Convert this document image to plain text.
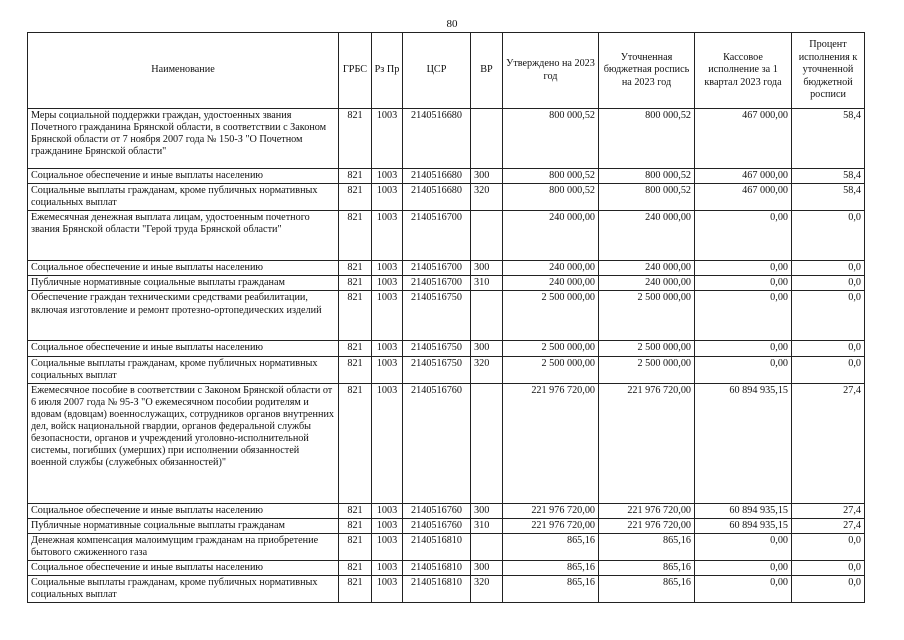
80
Наименование	ГРБС	Рз Пр	ЦСР	ВР	Утверждено на 2023 год	Уточненная бюджетная роспись на 2023 год	Кассовое исполнение за 1 квартал 2023 года	Процент исполнения к уточненной бюджетной росписи
Меры социальной поддержки граждан, удостоенных звания Почетного гражданина Брянской области, в соответствии с Законом Брянской области от 7 ноября 2007 года № 150-З "О Почетном гражданине Брянской области"	821	1003	2140516680		800 000,52	800 000,52	467 000,00	58,4
Социальное обеспечение и иные выплаты населению	821	1003	2140516680	300	800 000,52	800 000,52	467 000,00	58,4
Социальные выплаты гражданам, кроме публичных нормативных социальных выплат	821	1003	2140516680	320	800 000,52	800 000,52	467 000,00	58,4
Ежемесячная денежная выплата лицам, удостоенным почетного звания Брянской области "Герой труда Брянской области"	821	1003	2140516700		240 000,00	240 000,00	0,00	0,0
Социальное обеспечение и иные выплаты населению	821	1003	2140516700	300	240 000,00	240 000,00	0,00	0,0
Публичные нормативные социальные выплаты гражданам	821	1003	2140516700	310	240 000,00	240 000,00	0,00	0,0
Обеспечение граждан техническими средствами реабилитации, включая изготовление и ремонт протезно-ортопедических изделий	821	1003	2140516750		2 500 000,00	2 500 000,00	0,00	0,0
Социальное обеспечение и иные выплаты населению	821	1003	2140516750	300	2 500 000,00	2 500 000,00	0,00	0,0
Социальные выплаты гражданам, кроме публичных нормативных социальных выплат	821	1003	2140516750	320	2 500 000,00	2 500 000,00	0,00	0,0
Ежемесячное пособие в соответствии с Законом Брянской области от 6 июля 2007 года № 95-З "О ежемесячном пособии родителям и вдовам (вдовцам) военнослужащих, сотрудников органов внутренних дел, войск национальной гвардии, органов федеральной службы безопасности, органов и учреждений уголовно-исполнительной системы, погибших (умерших) при исполнении обязанностей военной службы (служебных обязанностей)"	821	1003	2140516760		221 976 720,00	221 976 720,00	60 894 935,15	27,4
Социальное обеспечение и иные выплаты населению	821	1003	2140516760	300	221 976 720,00	221 976 720,00	60 894 935,15	27,4
Публичные нормативные социальные выплаты гражданам	821	1003	2140516760	310	221 976 720,00	221 976 720,00	60 894 935,15	27,4
Денежная компенсация малоимущим гражданам на приобретение бытового сжиженного газа	821	1003	2140516810		865,16	865,16	0,00	0,0
Социальное обеспечение и иные выплаты населению	821	1003	2140516810	300	865,16	865,16	0,00	0,0
Социальные выплаты гражданам, кроме публичных нормативных социальных выплат	821	1003	2140516810	320	865,16	865,16	0,00	0,0
